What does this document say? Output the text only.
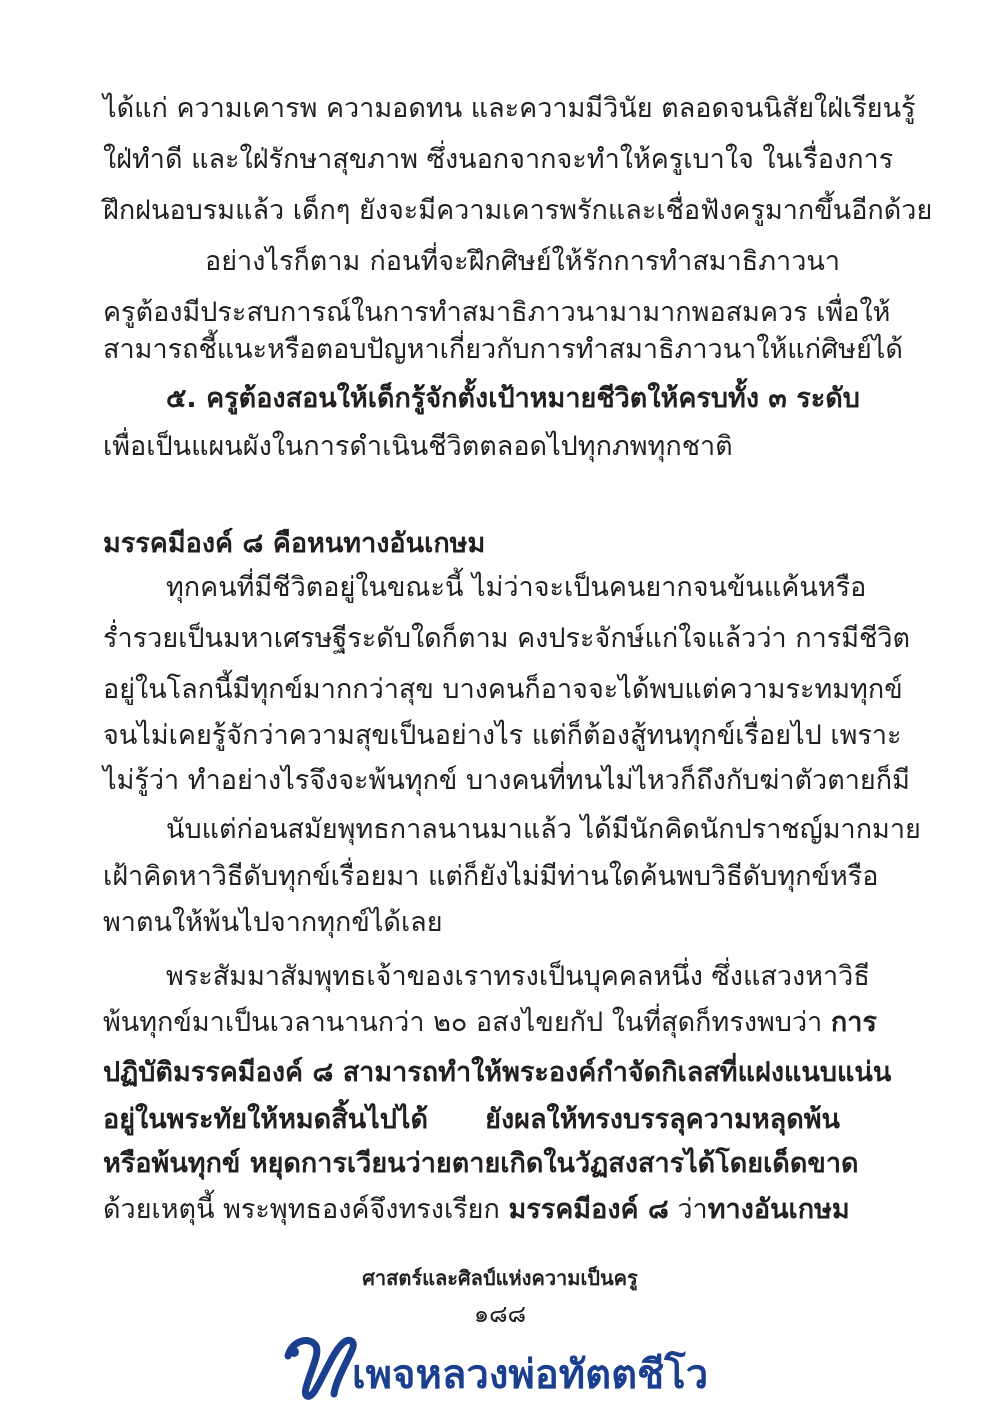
ได้แก่ ความเคารพ ความอดทน และความมีวินัย ตลอดจนนิสัยใฝ่เรียนรู้
ใฝ่ทำดี และใฝ่รักษาสุขภาพ ซึ่งนอกจากจะทำให้ครูเบาใจ ในเรื่องการ
ฝึกฝนอบรมแล้ว เด็กๆ ยังจะมีความเคารพรักและเชื่อฟังครูมากขึ้นอีกด้วย
อย่างไรก็ตาม ก่อนที่จะฝึกศิษย์ให้รักการทำสมาธิภาวนา
ครูต้องมีประสบการณ์ในการทำสมาธิภาวนามามากพอสมควร เพื่อให้
สามารถชี้แนะหรือตอบปัญหาเกี่ยวกับการทำสมาธิภาวนาให้แก่ศิษย์ได้
๕. ครูต้องสอนให้เด็กรู้จักตั้งเป้าหมายชีวิตให้ครบทั้ง ๓ ระดับ
เพื่อเป็นแผนผังในการดำเนินชีวิตตลอดไปทุกภพทุกชาติ
มรรคมีองค์ ๘ คือหนทางอันเกษม
ทุกคนที่มีชีวิตอยู่ในขณะนี้ ไม่ว่าจะเป็นคนยากจนข้นแค้นหรือ
ร่ำรวยเป็นมหาเศรษฐีระดับใดก็ตาม คงประจักษ์แก่ใจแล้วว่า การมีชีวิต
อยู่ในโลกนี้มีทุกข์มากกว่าสุข บางคนก็อาจจะได้พบแต่ความระทมทุกข์
จนไม่เคยรู้จักว่าความสุขเป็นอย่างไร แต่ก็ต้องสู้ทนทุกข์เรื่อยไป เพราะ
ไม่รู้ว่า ทำอย่างไรจึงจะพ้นทุกข์ บางคนที่ทนไม่ไหวก็ถึงกับฆ่าตัวตายก็มี
นับแต่ก่อนสมัยพุทธกาลนานมาแล้ว ได้มีนักคิดนักปราชญ์มากมาย
เฝ้าคิดหาวิธีดับทุกข์เรื่อยมา แต่ก็ยังไม่มีท่านใดค้นพบวิธีดับทุกข์หรือ
พาตนให้พ้นไปจากทุกข์ได้เลย
พระสัมมาสัมพุทธเจ้าของเราทรงเป็นบุคคลหนึ่ง ซึ่งแสวงหาวิธี
พ้นทุกข์มาเป็นเวลานานกว่า ๒๐ อสงไขยกัป ในที่สุดก็ทรงพบว่า การ
ปฏิบัติมรรคมีองค์ ๘ สามารถทำให้พระองค์กำจัดกิเลสที่แฝงแนบแน่น
อยู่ในพระทัยให้หมดสิ้นไปได้ ยังผลให้ทรงบรรลุความหลุดพ้น
หรือพ้นทุกข์ หยุดการเวียนว่ายตายเกิดในวัฏสงสารได้โดยเด็ดขาด
ด้วยเหตุนี้ พระพุทธองค์จึงทรงเรียก มรรคมีองค์ ๘ ว่าทางอันเกษม
ศาสตร์และศิลป์แห่งความเป็นครู
๑๘๘
เพจหลวงพ่อทัตตชีโว
